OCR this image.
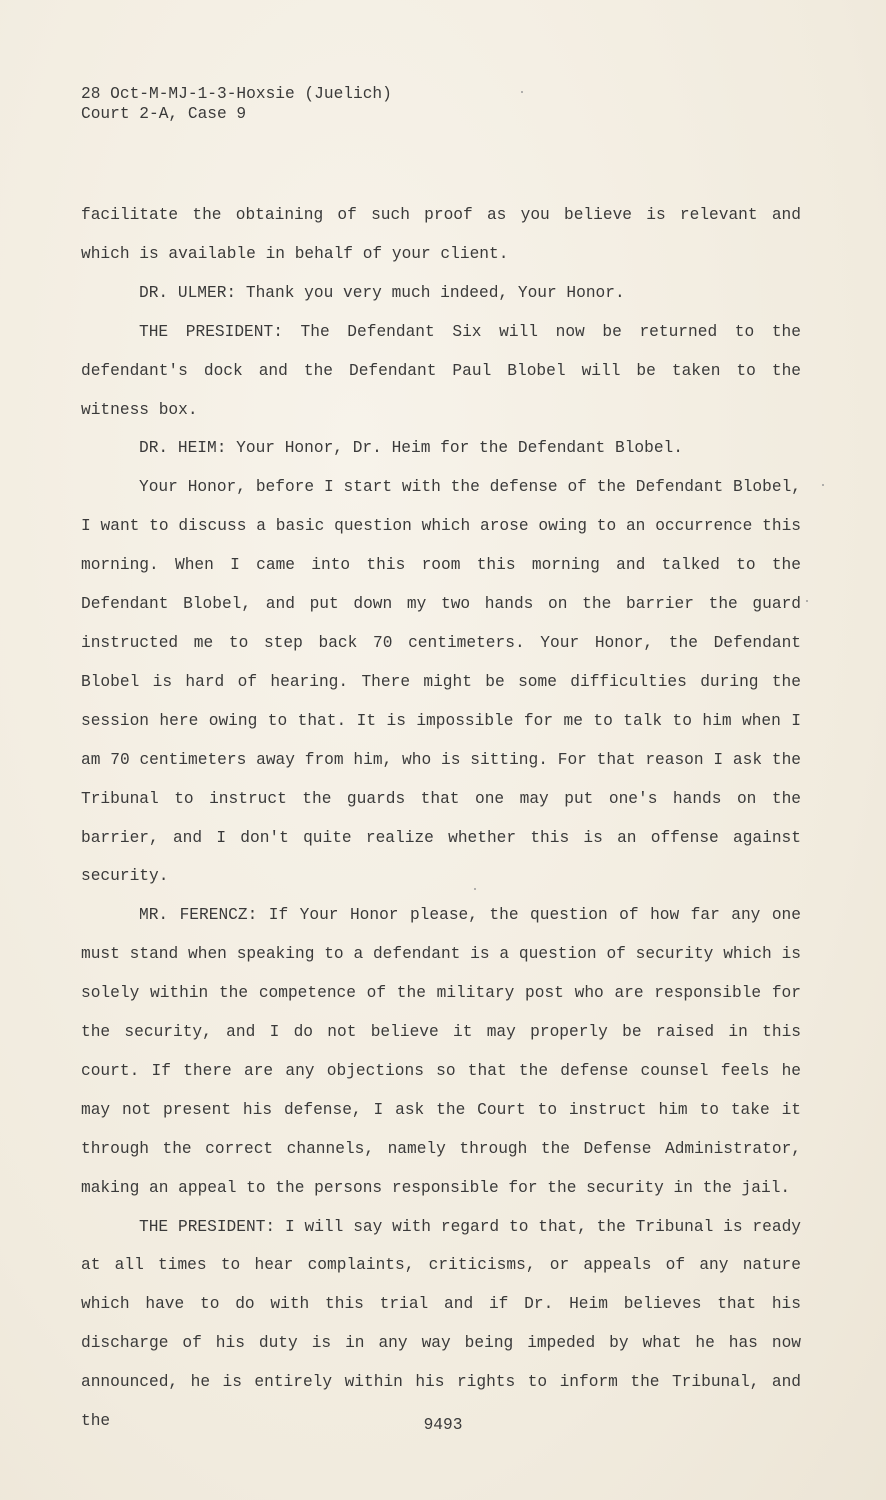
28 Oct-M-MJ-1-3-Hoxsie (Juelich)
Court 2-A, Case 9

facilitate the obtaining of such proof as you believe is relevant and which is available in behalf of your client.

DR. ULMER: Thank you very much indeed, Your Honor.

THE PRESIDENT: The Defendant Six will now be returned to the defendant's dock and the Defendant Paul Blobel will be taken to the witness box.

DR. HEIM: Your Honor, Dr. Heim for the Defendant Blobel.

Your Honor, before I start with the defense of the Defendant Blobel, I want to discuss a basic question which arose owing to an occurrence this morning. When I came into this room this morning and talked to the Defendant Blobel, and put down my two hands on the barrier the guard instructed me to step back 70 centimeters. Your Honor, the Defendant Blobel is hard of hearing. There might be some difficulties during the session here owing to that. It is impossible for me to talk to him when I am 70 centimeters away from him, who is sitting. For that reason I ask the Tribunal to instruct the guards that one may put one's hands on the barrier, and I don't quite realize whether this is an offense against security.

MR. FERENCZ: If Your Honor please, the question of how far any one must stand when speaking to a defendant is a question of security which is solely within the competence of the military post who are responsible for the security, and I do not believe it may properly be raised in this court. If there are any objections so that the defense counsel feels he may not present his defense, I ask the Court to instruct him to take it through the correct channels, namely through the Defense Administrator, making an appeal to the persons responsible for the security in the jail.

THE PRESIDENT: I will say with regard to that, the Tribunal is ready at all times to hear complaints, criticisms, or appeals of any nature which have to do with this trial and if Dr. Heim believes that his discharge of his duty is in any way being impeded by what he has now announced, he is entirely within his rights to inform the Tribunal, and the	9493
